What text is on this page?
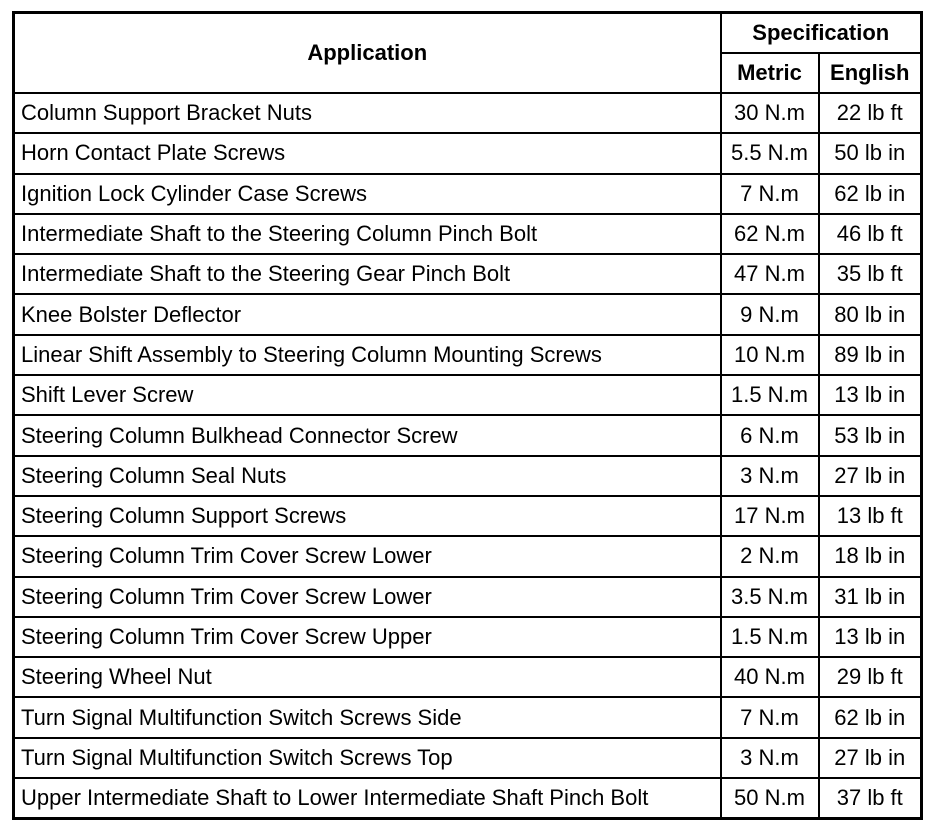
Application	Specification	
	Metric	English
Column Support Bracket Nuts	30 N.m	22 lb ft
Horn Contact Plate Screws	5.5 N.m	50 lb in
Ignition Lock Cylinder Case Screws	7 N.m	62 lb in
Intermediate Shaft to the Steering Column Pinch Bolt	62 N.m	46 lb ft
Intermediate Shaft to the Steering Gear Pinch Bolt	47 N.m	35 lb ft
Knee Bolster Deflector	9 N.m	80 lb in
Linear Shift Assembly to Steering Column Mounting Screws	10 N.m	89 lb in
Shift Lever Screw	1.5 N.m	13 lb in
Steering Column Bulkhead Connector Screw	6 N.m	53 lb in
Steering Column Seal Nuts	3 N.m	27 lb in
Steering Column Support Screws	17 N.m	13 lb ft
Steering Column Trim Cover Screw Lower	2 N.m	18 lb in
Steering Column Trim Cover Screw Lower	3.5 N.m	31 lb in
Steering Column Trim Cover Screw Upper	1.5 N.m	13 lb in
Steering Wheel Nut	40 N.m	29 lb ft
Turn Signal Multifunction Switch Screws Side	7 N.m	62 lb in
Turn Signal Multifunction Switch Screws Top	3 N.m	27 lb in
Upper Intermediate Shaft to Lower Intermediate Shaft Pinch Bolt	50 N.m	37 lb ft
